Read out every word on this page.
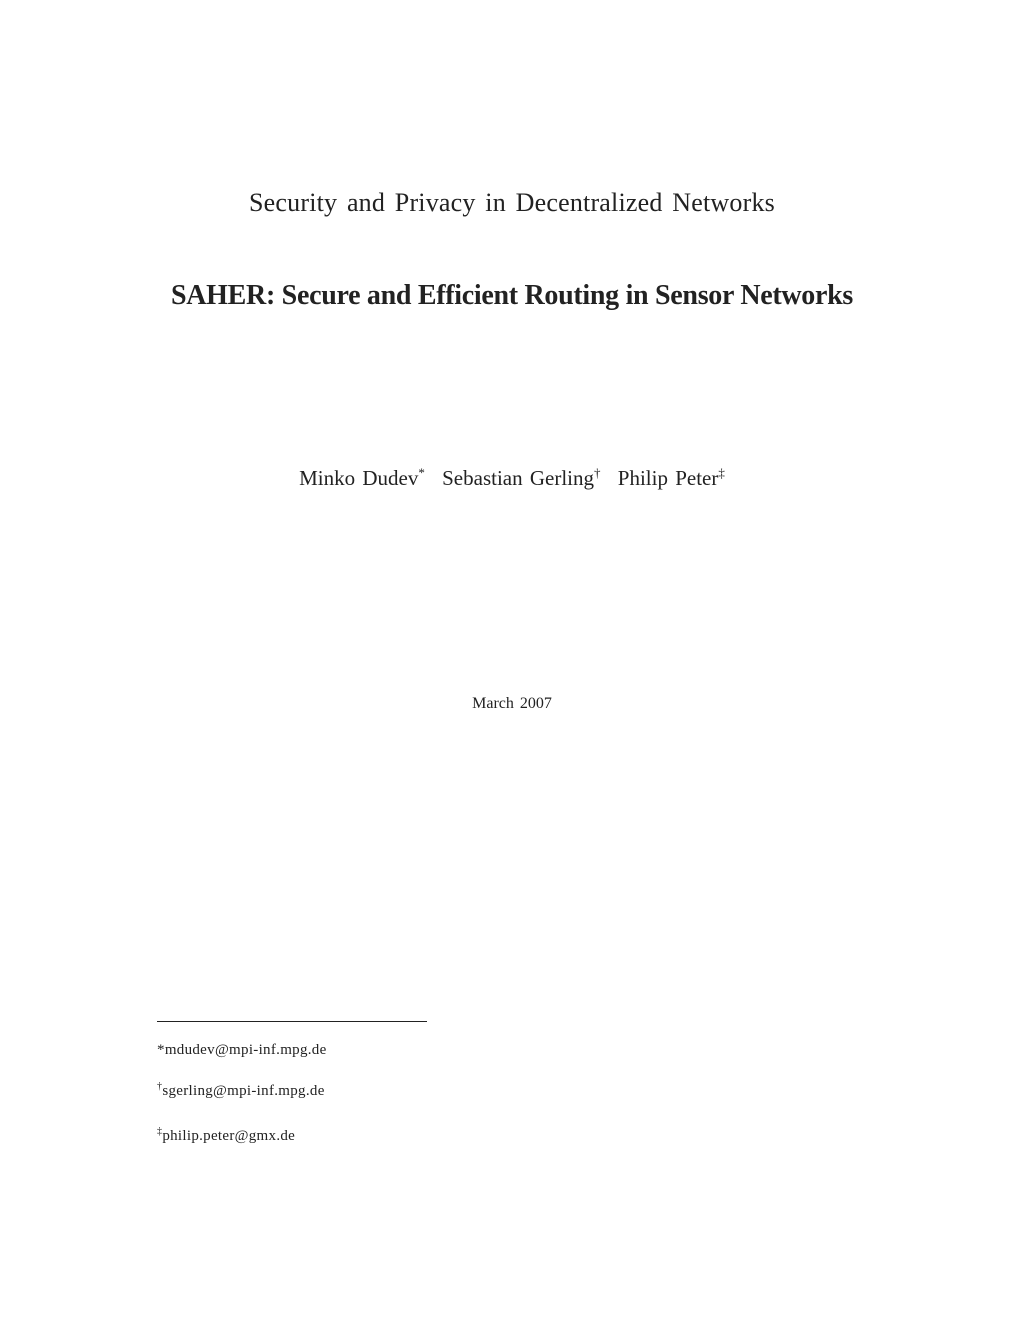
Security and Privacy in Decentralized Networks
SAHER: Secure and Efficient Routing in Sensor Networks
Minko Dudev* Sebastian Gerling† Philip Peter‡
March 2007
*mdudev@mpi-inf.mpg.de
†sgerling@mpi-inf.mpg.de
‡philip.peter@gmx.de
